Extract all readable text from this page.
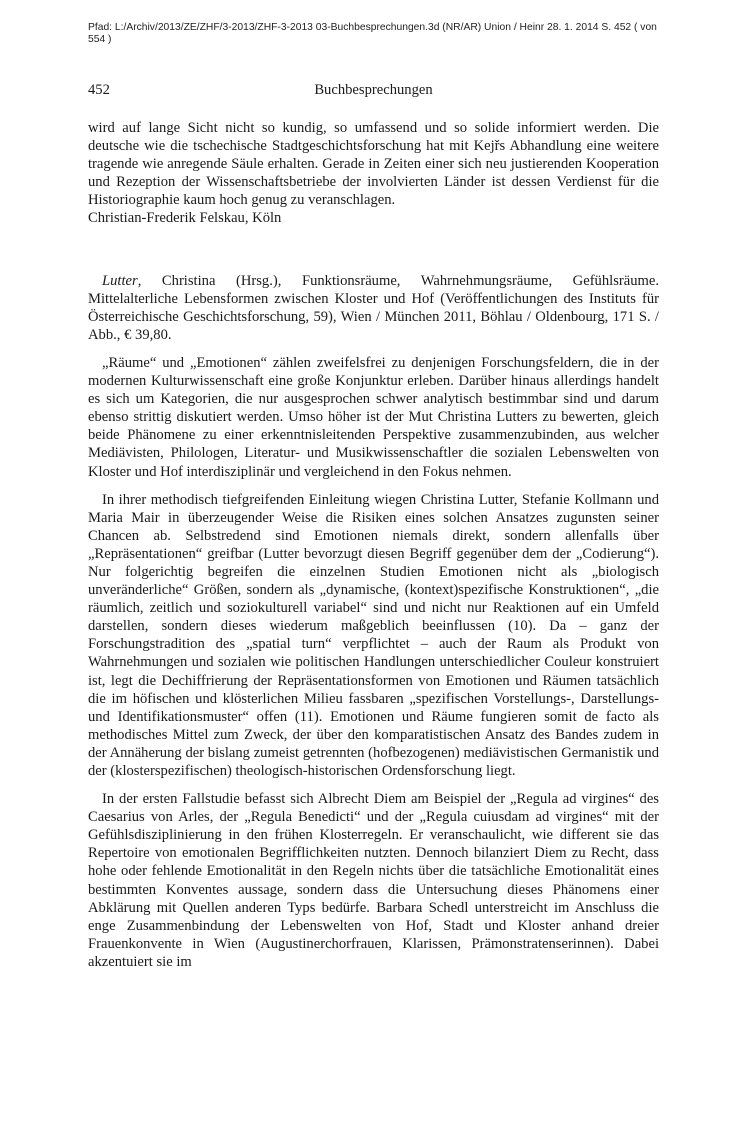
Pfad: L:/Archiv/2013/ZE/ZHF/3-2013/ZHF-3-2013 03-Buchbesprechungen.3d (NR/AR) Union / Heinr 28. 1. 2014 S. 452 ( von 554 )
452	Buchbesprechungen

wird auf lange Sicht nicht so kundig, so umfassend und so solide informiert werden. Die deutsche wie die tschechische Stadtgeschichtsforschung hat mit Kejřs Abhandlung eine weitere tragende wie anregende Säule erhalten. Gerade in Zeiten einer sich neu justierenden Kooperation und Rezeption der Wissenschaftsbetriebe der involvierten Länder ist dessen Verdienst für die Historiographie kaum hoch genug zu veranschlagen.

Christian-Frederik Felskau, Köln

Lutter, Christina (Hrsg.), Funktionsräume, Wahrnehmungsräume, Gefühlsräume. Mittelalterliche Lebensformen zwischen Kloster und Hof (Veröffentlichungen des Instituts für Österreichische Geschichtsforschung, 59), Wien / München 2011, Böhlau / Oldenbourg, 171 S. / Abb., € 39,80.

„Räume“ und „Emotionen“ zählen zweifelsfrei zu denjenigen Forschungsfeldern, die in der modernen Kulturwissenschaft eine große Konjunktur erleben. Darüber hinaus allerdings handelt es sich um Kategorien, die nur ausgesprochen schwer analytisch bestimmbar sind und darum ebenso strittig diskutiert werden. Umso höher ist der Mut Christina Lutters zu bewerten, gleich beide Phänomene zu einer erkenntnisleitenden Perspektive zusammenzubinden, aus welcher Mediävisten, Philologen, Literatur- und Musikwissenschaftler die sozialen Lebenswelten von Kloster und Hof interdisziplinär und vergleichend in den Fokus nehmen.

In ihrer methodisch tiefgreifenden Einleitung wiegen Christina Lutter, Stefanie Kollmann und Maria Mair in überzeugender Weise die Risiken eines solchen Ansatzes zugunsten seiner Chancen ab. Selbstredend sind Emotionen niemals direkt, sondern allenfalls über „Repräsentationen“ greifbar (Lutter bevorzugt diesen Begriff gegenüber dem der „Codierung“). Nur folgerichtig begreifen die einzelnen Studien Emotionen nicht als „biologisch unveränderliche“ Größen, sondern als „dynamische, (kontext)spezifische Konstruktionen“, „die räumlich, zeitlich und soziokulturell variabel“ sind und nicht nur Reaktionen auf ein Umfeld darstellen, sondern dieses wiederum maßgeblich beeinflussen (10). Da – ganz der Forschungstradition des „spatial turn“ verpflichtet – auch der Raum als Produkt von Wahrnehmungen und sozialen wie politischen Handlungen unterschiedlicher Couleur konstruiert ist, legt die Dechiffrierung der Repräsentationsformen von Emotionen und Räumen tatsächlich die im höfischen und klösterlichen Milieu fassbaren „spezifischen Vorstellungs-, Darstellungs- und Identifikationsmuster“ offen (11). Emotionen und Räume fungieren somit de facto als methodisches Mittel zum Zweck, der über den komparatistischen Ansatz des Bandes zudem in der Annäherung der bislang zumeist getrennten (hofbezogenen) mediävistischen Germanistik und der (klosterspezifischen) theologisch-historischen Ordensforschung liegt.

In der ersten Fallstudie befasst sich Albrecht Diem am Beispiel der „Regula ad virgines“ des Caesarius von Arles, der „Regula Benedicti“ und der „Regula cuiusdam ad virgines“ mit der Gefühlsdisziplinierung in den frühen Klosterregeln. Er veranschaulicht, wie different sie das Repertoire von emotionalen Begrifflichkeiten nutzten. Dennoch bilanziert Diem zu Recht, dass hohe oder fehlende Emotionalität in den Regeln nichts über die tatsächliche Emotionalität eines bestimmten Konventes aussage, sondern dass die Untersuchung dieses Phänomens einer Abklärung mit Quellen anderen Typs bedürfe. Barbara Schedl unterstreicht im Anschluss die enge Zusammenbindung der Lebenswelten von Hof, Stadt und Kloster anhand dreier Frauenkonvente in Wien (Augustinerchorfrauen, Klarissen, Prämonstratenserinnen). Dabei akzentuiert sie im
